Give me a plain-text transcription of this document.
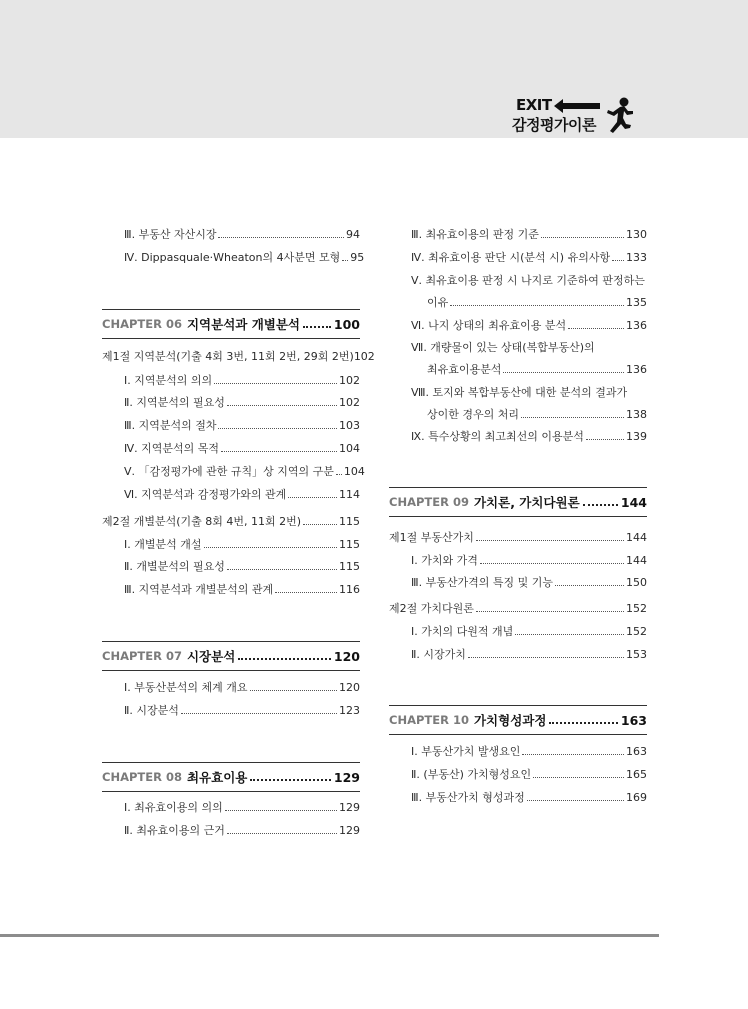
EXIT
감정평가이론
Ⅲ. 부동산 자산시장	94
Ⅳ. Dippasquale·Wheaton의 4사분면 모형 95
CHAPTER 06 지역분석과 개별분석	100
제1절 지역분석(기출 4회 3번, 11회 2번, 29회 2번) 102
Ⅰ. 지역분석의 의의	102
Ⅱ. 지역분석의 필요성	102
Ⅲ. 지역분석의 절차	103
Ⅳ. 지역분석의 목적	104
Ⅴ. 「감정평가에 관한 규칙」상 지역의 구분 104
Ⅵ. 지역분석과 감정평가와의 관계	114
제2절 개별분석(기출 8회 4번, 11회 2번)	115
Ⅰ. 개별분석 개설	115
Ⅱ. 개별분석의 필요성	115
Ⅲ. 지역분석과 개별분석의 관계	116
CHAPTER 07 시장분석	120
Ⅰ. 부동산분석의 체계 개요	120
Ⅱ. 시장분석	123
CHAPTER 08 최유효이용	129
Ⅰ. 최유효이용의 의의	129
Ⅱ. 최유효이용의 근거	129
Ⅲ. 최유효이용의 판정 기준	130
Ⅳ. 최유효이용 판단 시(분석 시) 유의사항 133
Ⅴ. 최유효이용 판정 시 나지로 기준하여 판정하는
이유	135
Ⅵ. 나지 상태의 최유효이용 분석	136
Ⅶ. 개량물이 있는 상태(복합부동산)의
최유효이용분석	136
Ⅷ. 토지와 복합부동산에 대한 분석의 결과가
상이한 경우의 처리	138
Ⅸ. 특수상황의 최고최선의 이용분석	139
CHAPTER 09 가치론, 가치다원론	144
제1절 부동산가치	144
Ⅰ. 가치와 가격	144
Ⅲ. 부동산가격의 특징 및 기능	150
제2절 가치다원론	152
Ⅰ. 가치의 다원적 개념	152
Ⅱ. 시장가치	153
CHAPTER 10 가치형성과정	163
Ⅰ. 부동산가치 발생요인	163
Ⅱ. (부동산) 가치형성요인	165
Ⅲ. 부동산가치 형성과정	169
